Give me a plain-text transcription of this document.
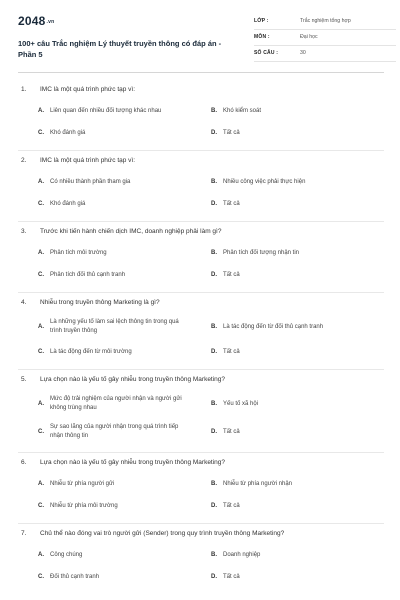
2048.vn
100+ câu Trắc nghiệm Lý thuyết truyền thông có đáp án -
Phần 5
LỚP :	Trắc nghiệm tổng hợp
MÔN :	Đại học
SỐ CÂU :	30
1. IMC là một quá trình phức tạp vì:
A.	Liên quan đến nhiều đối tượng khác nhau	B.	Khó kiểm soát
C.	Khó đánh giá	D.	Tất cả
2. IMC là một quá trình phức tạp vì:
A.	Có nhiều thành phần tham gia	B.	Nhiều công việc phải thực hiện
C.	Khó đánh giá	D.	Tất cả
3. Trước khi tiến hành chiến dịch IMC, doanh nghiệp phải làm gì?
A.	Phân tích môi trường	B.	Phân tích đối tượng nhận tin
C.	Phân tích đối thủ cạnh tranh	D.	Tất cả
4. Nhiễu trong truyền thông Marketing là gì?
A.
Là những yếu tố làm sai lệch thông tin trong quá trình truyền thông
B.	Là tác động đến từ đối thủ cạnh tranh
C.	Là tác động đến từ môi trường	D.	Tất cả
5. Lựa chọn nào là yếu tố gây nhiễu trong truyền thông Marketing?
A.
Mức độ trải nghiệm của người nhận và người gửi không trùng nhau
B.	Yếu tố xã hội
C.
Sự sao lãng của người nhận trong quá trình tiếp nhận thông tin
D.	Tất cả
6. Lựa chọn nào là yếu tố gây nhiễu trong truyền thông Marketing?
A.	Nhiễu từ phía người gửi	B.	Nhiễu từ phía người nhận
C.	Nhiễu từ phía môi trường	D.	Tất cả
7. Chủ thể nào đóng vai trò người gửi (Sender) trong quy trình truyền thông Marketing?
A.	Công chúng	B.	Doanh nghiệp
C.	Đối thủ cạnh tranh	D.	Tất cả
